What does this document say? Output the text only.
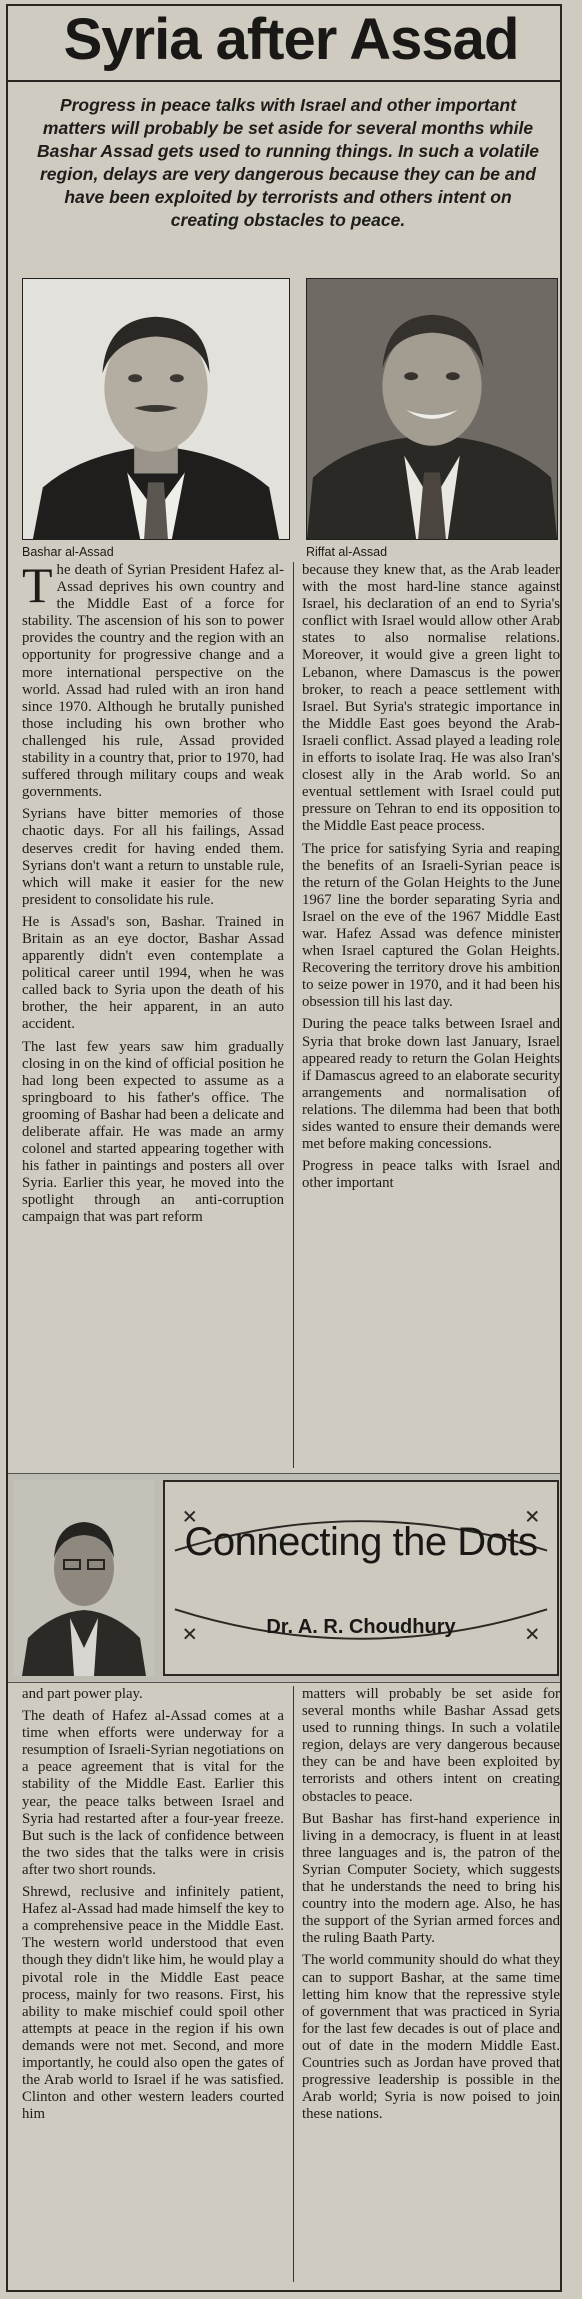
Syria after Assad
Progress in peace talks with Israel and other important matters will probably be set aside for several months while Bashar Assad gets used to running things. In such a volatile region, delays are very dangerous because they can be and have been exploited by terrorists and others intent on creating obstacles to peace.
Bashar al-Assad	Riffat al-Assad

The death of Syrian President Hafez al-Assad deprives his own country and the Middle East of a force for stability. The ascension of his son to power provides the country and the region with an opportunity for progressive change and a more international perspective on the world. Assad had ruled with an iron hand since 1970. Although he brutally punished those including his own brother who challenged his rule, Assad provided stability in a country that, prior to 1970, had suffered through military coups and weak governments.

Syrians have bitter memories of those chaotic days. For all his failings, Assad deserves credit for having ended them. Syrians don't want a return to unstable rule, which will make it easier for the new president to consolidate his rule.

He is Assad's son, Bashar. Trained in Britain as an eye doctor, Bashar Assad apparently didn't even contemplate a political career until 1994, when he was called back to Syria upon the death of his brother, the heir apparent, in an auto accident.

The last few years saw him gradually closing in on the kind of official position he had long been expected to assume as a springboard to his father's office. The grooming of Bashar had been a delicate and deliberate affair. He was made an army colonel and started appearing together with his father in paintings and posters all over Syria. Earlier this year, he moved into the spotlight through an anti-corruption campaign that was part reform

because they knew that, as the Arab leader with the most hard-line stance against Israel, his declaration of an end to Syria's conflict with Israel would allow other Arab states to also normalise relations. Moreover, it would give a green light to Lebanon, where Damascus is the power broker, to reach a peace settlement with Israel. But Syria's strategic importance in the Middle East goes beyond the Arab-Israeli conflict. Assad played a leading role in efforts to isolate Iraq. He was also Iran's closest ally in the Arab world. So an eventual settlement with Israel could put pressure on Tehran to end its opposition to the Middle East peace process.

The price for satisfying Syria and reaping the benefits of an Israeli-Syrian peace is the return of the Golan Heights to the June 1967 line the border separating Syria and Israel on the eve of the 1967 Middle East war. Hafez Assad was defence minister when Israel captured the Golan Heights. Recovering the territory drove his ambition to seize power in 1970, and it had been his obsession till his last day.

During the peace talks between Israel and Syria that broke down last January, Israel appeared ready to return the Golan Heights if Damascus agreed to an elaborate security arrangements and normalisation of relations. The dilemma had been that both sides wanted to ensure their demands were met before making concessions.

Progress in peace talks with Israel and other important

Connecting the Dots
Dr. A. R. Choudhury

and part power play.

The death of Hafez al-Assad comes at a time when efforts were underway for a resumption of Israeli-Syrian negotiations on a peace agreement that is vital for the stability of the Middle East. Earlier this year, the peace talks between Israel and Syria had restarted after a four-year freeze. But such is the lack of confidence between the two sides that the talks were in crisis after two short rounds.

Shrewd, reclusive and infinitely patient, Hafez al-Assad had made himself the key to a comprehensive peace in the Middle East. The western world understood that even though they didn't like him, he would play a pivotal role in the Middle East peace process, mainly for two reasons. First, his ability to make mischief could spoil other attempts at peace in the region if his own demands were not met. Second, and more importantly, he could also open the gates of the Arab world to Israel if he was satisfied. Clinton and other western leaders courted him

matters will probably be set aside for several months while Bashar Assad gets used to running things. In such a volatile region, delays are very dangerous because they can be and have been exploited by terrorists and others intent on creating obstacles to peace.

But Bashar has first-hand experience in living in a democracy, is fluent in at least three languages and is, the patron of the Syrian Computer Society, which suggests that he understands the need to bring his country into the modern age. Also, he has the support of the Syrian armed forces and the ruling Baath Party.

The world community should do what they can to support Bashar, at the same time letting him know that the repressive style of government that was practiced in Syria for the last few decades is out of place and out of date in the modern Middle East. Countries such as Jordan have proved that progressive leadership is possible in the Arab world; Syria is now poised to join these nations.
